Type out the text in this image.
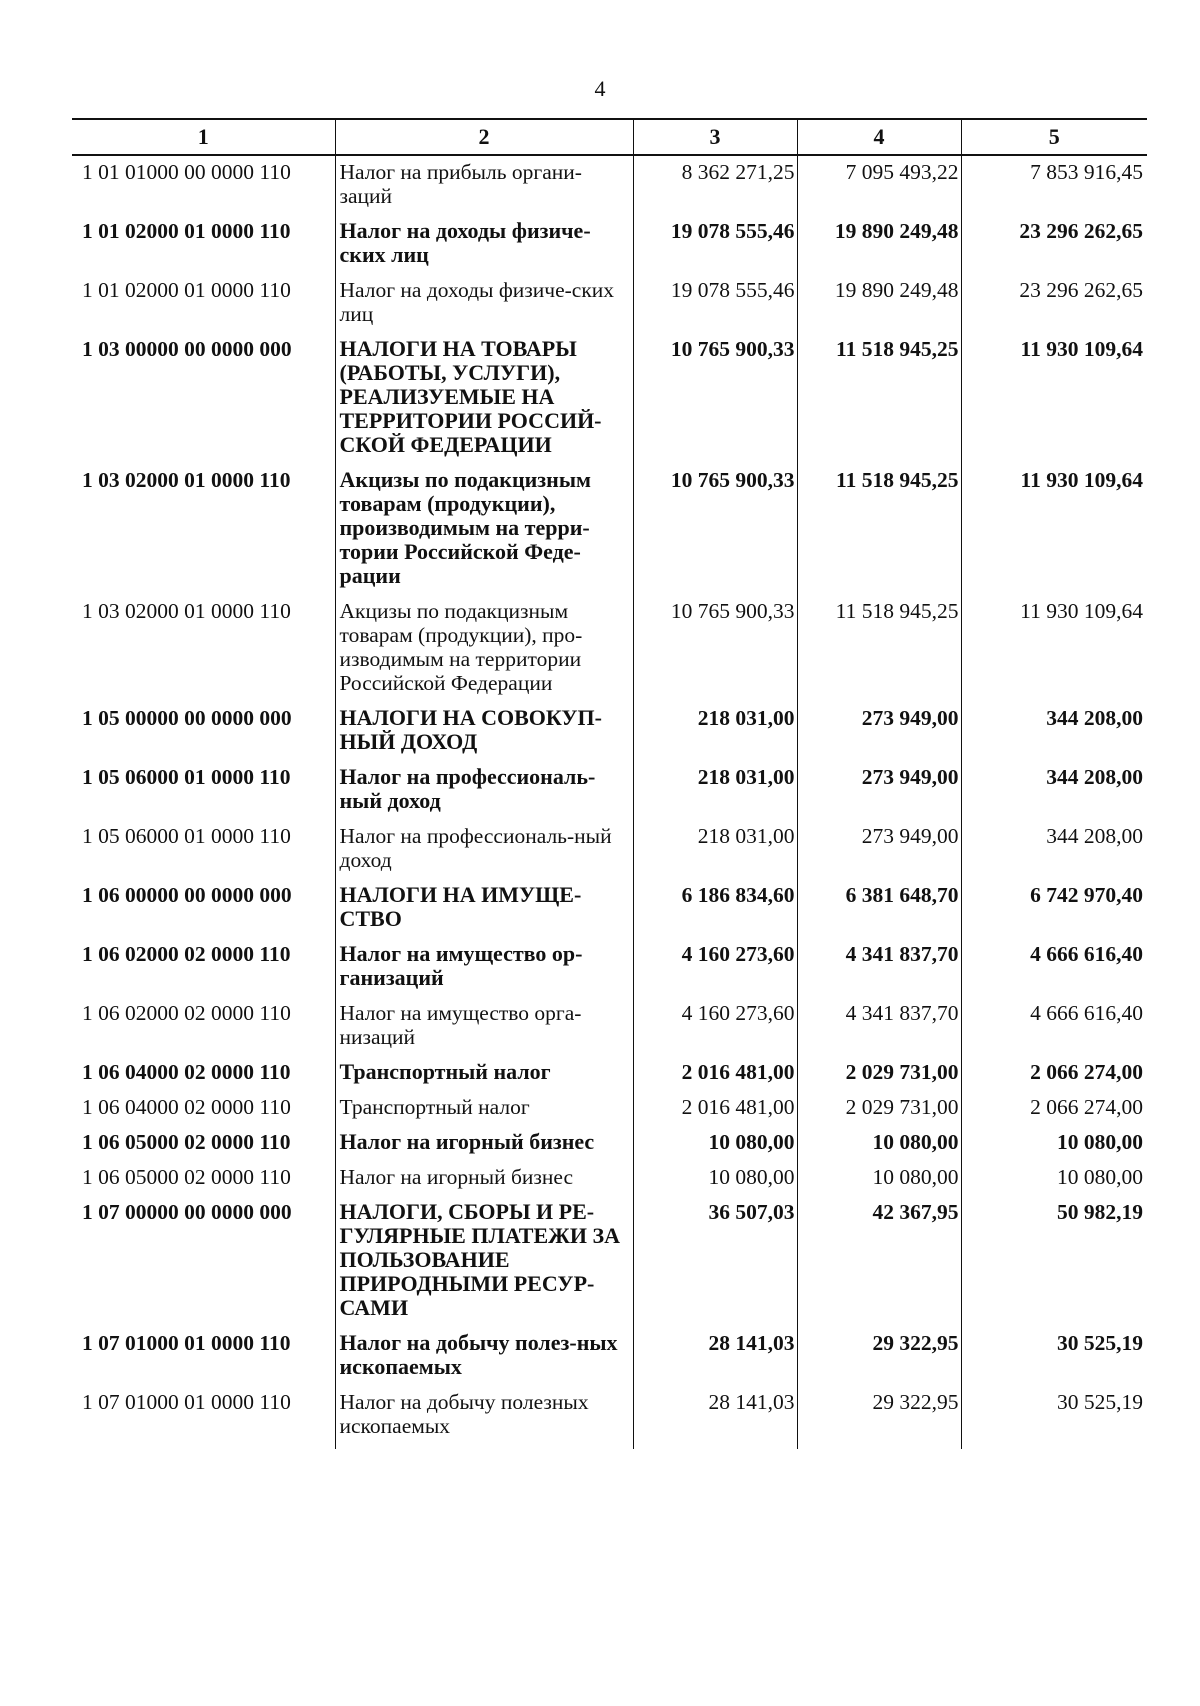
4
1	2	3	4	5
1 01 01000 00 0000 110	Налог на прибыль органи-заций	8 362 271,25	7 095 493,22	7 853 916,45
1 01 02000 01 0000 110	Налог на доходы физиче-ских лиц	19 078 555,46	19 890 249,48	23 296 262,65
1 01 02000 01 0000 110	Налог на доходы физиче-ских лиц	19 078 555,46	19 890 249,48	23 296 262,65
1 03 00000 00 0000 000	НАЛОГИ НА ТОВАРЫ (РАБОТЫ, УСЛУГИ), РЕАЛИЗУЕМЫЕ НА ТЕРРИТОРИИ РОССИЙ-СКОЙ ФЕДЕРАЦИИ	10 765 900,33	11 518 945,25	11 930 109,64
1 03 02000 01 0000 110	Акцизы по подакцизным товарам (продукции), производимым на терри-тории Российской Феде-рации	10 765 900,33	11 518 945,25	11 930 109,64
1 03 02000 01 0000 110	Акцизы по подакцизным товарам (продукции), про-изводимым на территории Российской Федерации	10 765 900,33	11 518 945,25	11 930 109,64
1 05 00000 00 0000 000	НАЛОГИ НА СОВОКУП-НЫЙ ДОХОД	218 031,00	273 949,00	344 208,00
1 05 06000 01 0000 110	Налог на профессиональ-ный доход	218 031,00	273 949,00	344 208,00
1 05 06000 01 0000 110	Налог на профессиональ-ный доход	218 031,00	273 949,00	344 208,00
1 06 00000 00 0000 000	НАЛОГИ НА ИМУЩЕ-СТВО	6 186 834,60	6 381 648,70	6 742 970,40
1 06 02000 02 0000 110	Налог на имущество ор-ганизаций	4 160 273,60	4 341 837,70	4 666 616,40
1 06 02000 02 0000 110	Налог на имущество орга-низаций	4 160 273,60	4 341 837,70	4 666 616,40
1 06 04000 02 0000 110	Транспортный налог	2 016 481,00	2 029 731,00	2 066 274,00
1 06 04000 02 0000 110	Транспортный налог	2 016 481,00	2 029 731,00	2 066 274,00
1 06 05000 02 0000 110	Налог на игорный бизнес	10 080,00	10 080,00	10 080,00
1 06 05000 02 0000 110	Налог на игорный бизнес	10 080,00	10 080,00	10 080,00
1 07 00000 00 0000 000	НАЛОГИ, СБОРЫ И РЕ-ГУЛЯРНЫЕ ПЛАТЕЖИ ЗА ПОЛЬЗОВАНИЕ ПРИРОДНЫМИ РЕСУР-САМИ	36 507,03	42 367,95	50 982,19
1 07 01000 01 0000 110	Налог на добычу полез-ных ископаемых	28 141,03	29 322,95	30 525,19
1 07 01000 01 0000 110	Налог на добычу полезных ископаемых	28 141,03	29 322,95	30 525,19
